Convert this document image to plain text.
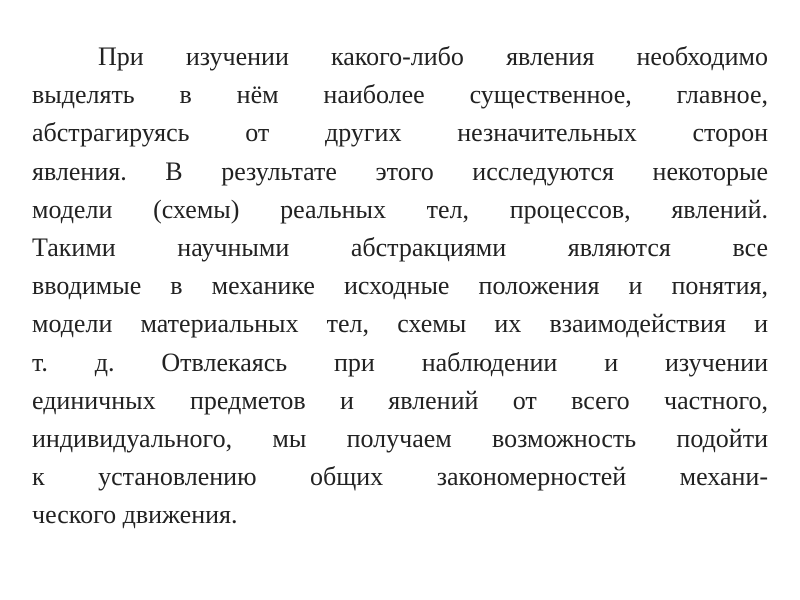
При изучении какого-либо явления необходимо
выделять в нём наиболее существенное, главное,
абстрагируясь от других незначительных сторон
явления. В результате этого исследуются некоторые
модели (схемы) реальных тел, процессов, явлений.
Такими научными абстракциями являются все
вводимые в механике исходные положения и понятия,
модели материальных тел, схемы их взаимодействия и
т. д. Отвлекаясь при наблюдении и изучении
единичных предметов и явлений от всего частного,
индивидуального, мы получаем возможность подойти
к установлению общих закономерностей механи-
ческого движения.
